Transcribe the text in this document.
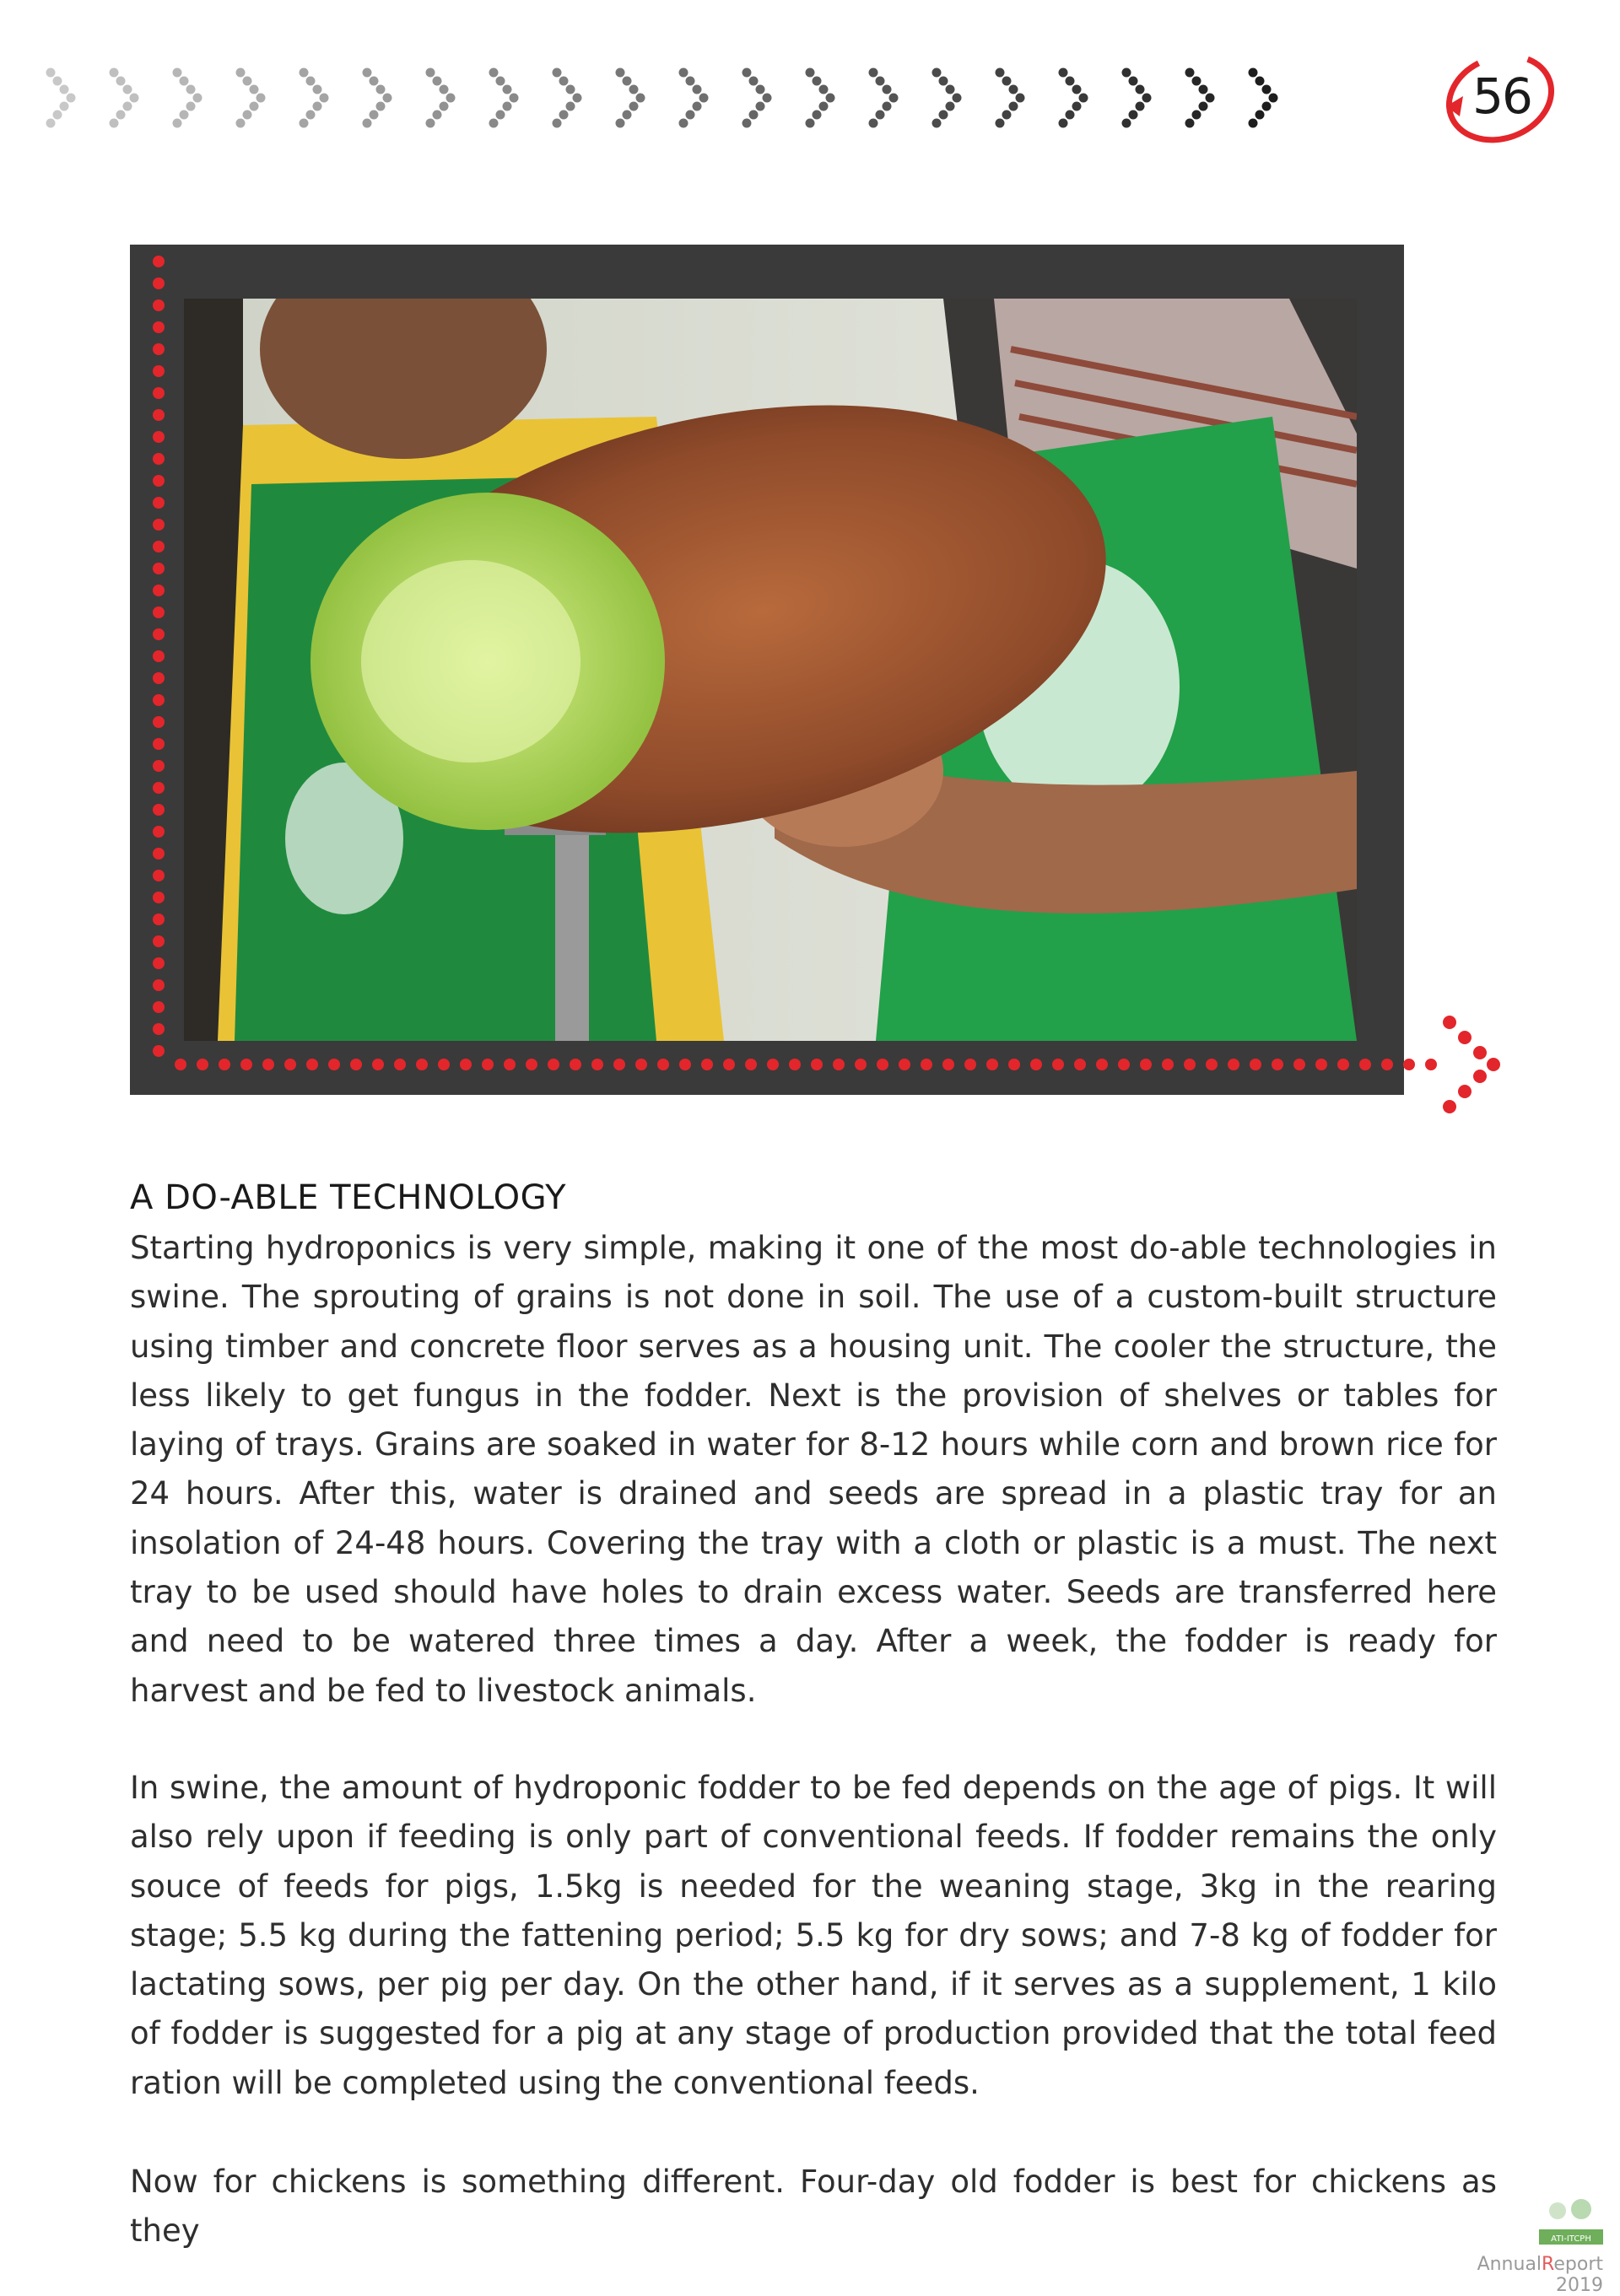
56
A DO-ABLE TECHNOLOGY

Starting hydroponics is very simple, making it one of the most do-able technologies in swine. The sprouting of grains is not done in soil. The use of a custom-built structure using timber and concrete floor serves as a housing unit. The cooler the structure, the less likely to get fungus in the fodder. Next is the provision of shelves or tables for laying of trays. Grains are soaked in water for 8-12 hours while corn and brown rice for 24 hours. After this, water is drained and seeds are spread in a plastic tray for an insolation of 24-48 hours. Covering the tray with a cloth or plastic is a must. The next tray to be used should have holes to drain excess water. Seeds are transferred here and need to be watered three times a day. After a week, the fodder is ready for harvest and be fed to livestock animals.

In swine, the amount of hydroponic fodder to be fed depends on the age of pigs. It will also rely upon if feeding is only part of conventional feeds. If fodder remains the only souce of feeds for pigs, 1.5kg is needed for the weaning stage, 3kg in the rearing stage; 5.5 kg during the fattening period; 5.5 kg for dry sows; and 7-8 kg of fodder for lactating sows, per pig per day. On the other hand, if it serves as a supplement, 1 kilo of fodder is suggested for a pig at any stage of production provided that the total feed ration will be completed using the conventional feeds.

Now for chickens is something different. Four-day old fodder is best for chickens as they	ATI-ITCPH
AnnualReport 2019
